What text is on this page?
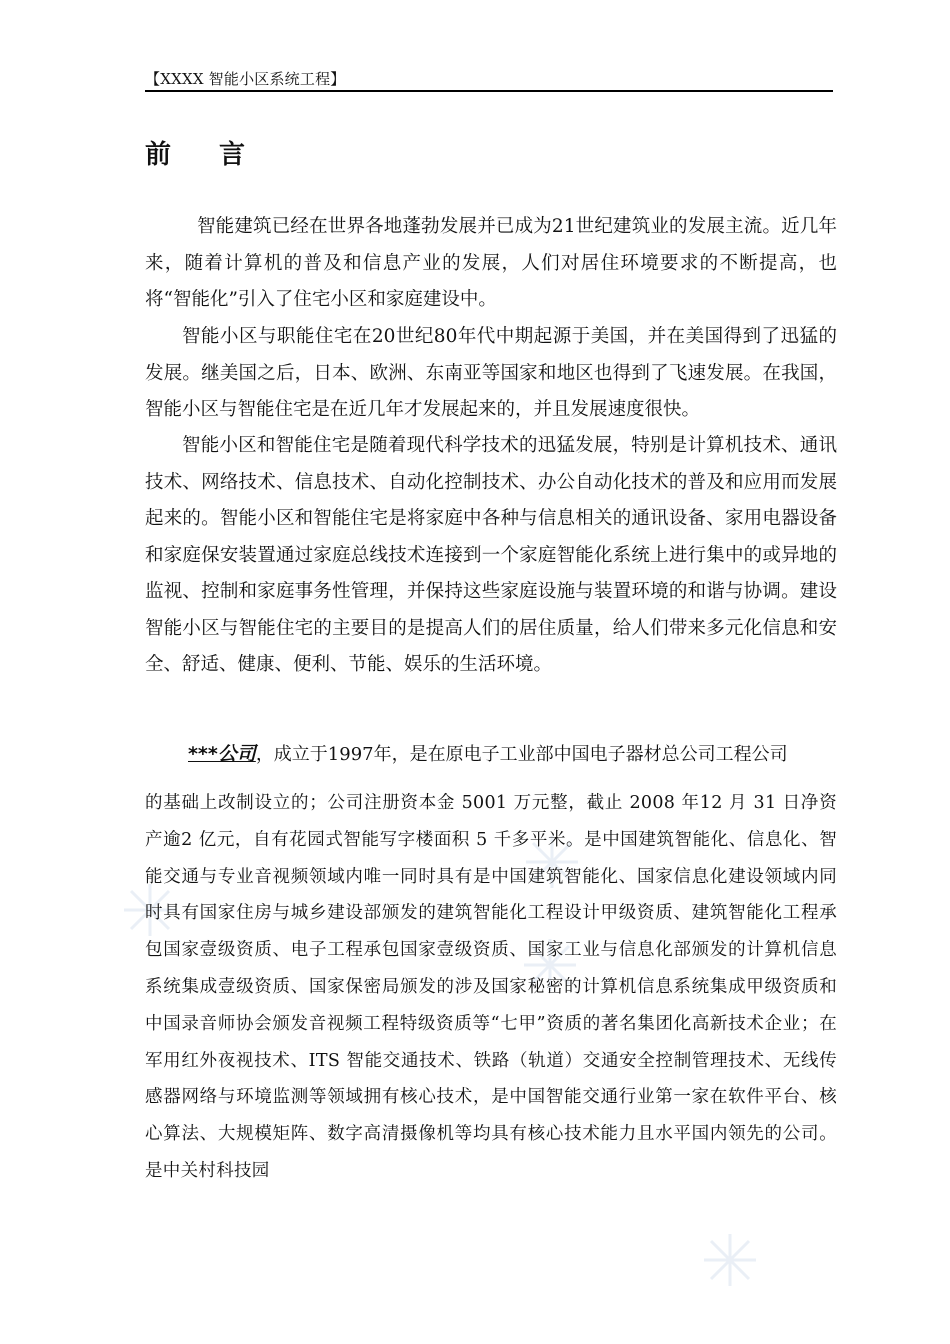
【XXXX 智能小区系统工程】
前 言
智能建筑已经在世界各地蓬勃发展并已成为21世纪建筑业的发展主流。近几年来，随着计算机的普及和信息产业的发展，人们对居住环境要求的不断提高，也将“智能化”引入了住宅小区和家庭建设中。
智能小区与职能住宅在20世纪80年代中期起源于美国，并在美国得到了迅猛的发展。继美国之后，日本、欧洲、东南亚等国家和地区也得到了飞速发展。在我国，智能小区与智能住宅是在近几年才发展起来的，并且发展速度很快。
智能小区和智能住宅是随着现代科学技术的迅猛发展，特别是计算机技术、通讯技术、网络技术、信息技术、自动化控制技术、办公自动化技术的普及和应用而发展起来的。智能小区和智能住宅是将家庭中各种与信息相关的通讯设备、家用电器设备和家庭保安装置通过家庭总线技术连接到一个家庭智能化系统上进行集中的或异地的监视、控制和家庭事务性管理，并保持这些家庭设施与装置环境的和谐与协调。建设智能小区与智能住宅的主要目的是提高人们的居住质量，给人们带来多元化信息和安全、舒适、健康、便利、节能、娱乐的生活环境。
***公司，成立于1997年，是在原电子工业部中国电子器材总公司工程公司
的基础上改制设立的；公司注册资本金 5001 万元整，截止 2008 年12 月 31 日净资产逾2 亿元，自有花园式智能写字楼面积 5 千多平米。是中国建筑智能化、信息化、智能交通与专业音视频领域内唯一同时具有是中国建筑智能化、国家信息化建设领域内同时具有国家住房与城乡建设部颁发的建筑智能化工程设计甲级资质、建筑智能化工程承包国家壹级资质、电子工程承包国家壹级资质、国家工业与信息化部颁发的计算机信息系统集成壹级资质、国家保密局颁发的涉及国家秘密的计算机信息系统集成甲级资质和中国录音师协会颁发音视频工程特级资质等“七甲”资质的著名集团化高新技术企业；在军用红外夜视技术、ITS 智能交通技术、铁路（轨道）交通安全控制管理技术、无线传感器网络与环境监测等领域拥有核心技术，是中国智能交通行业第一家在软件平台、核心算法、大规模矩阵、数字高清摄像机等均具有核心技术能力且水平国内领先的公司。是中关村科技园
